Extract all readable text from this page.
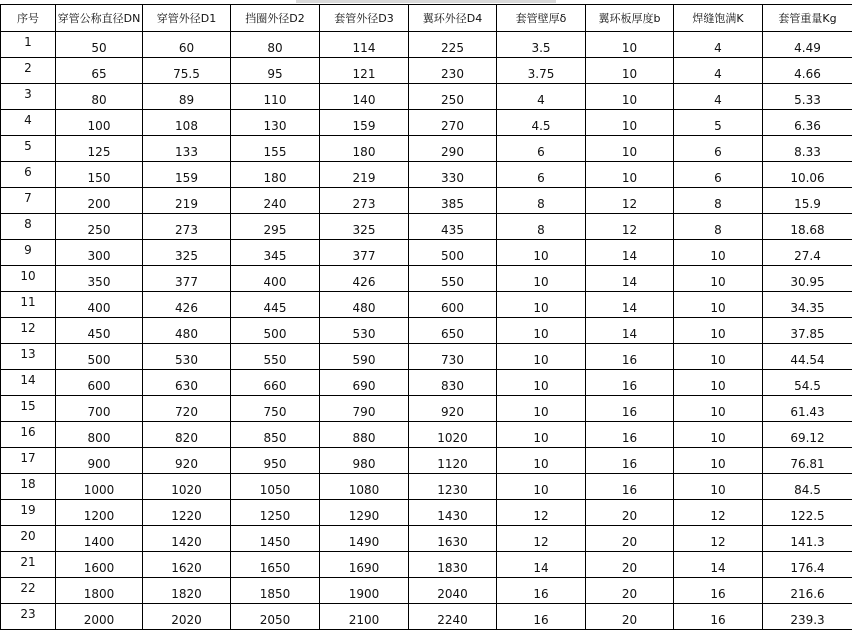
序号	穿管公称直径DN	穿管外径D1	挡圈外径D2	套管外径D3	翼环外径D4	套管壁厚δ	翼环板厚度b	焊缝饱满K	套管重量Kg
1	50	60	80	114	225	3.5	10	4	4.49
2	65	75.5	95	121	230	3.75	10	4	4.66
3	80	89	110	140	250	4	10	4	5.33
4	100	108	130	159	270	4.5	10	5	6.36
5	125	133	155	180	290	6	10	6	8.33
6	150	159	180	219	330	6	10	6	10.06
7	200	219	240	273	385	8	12	8	15.9
8	250	273	295	325	435	8	12	8	18.68
9	300	325	345	377	500	10	14	10	27.4
10	350	377	400	426	550	10	14	10	30.95
11	400	426	445	480	600	10	14	10	34.35
12	450	480	500	530	650	10	14	10	37.85
13	500	530	550	590	730	10	16	10	44.54
14	600	630	660	690	830	10	16	10	54.5
15	700	720	750	790	920	10	16	10	61.43
16	800	820	850	880	1020	10	16	10	69.12
17	900	920	950	980	1120	10	16	10	76.81
18	1000	1020	1050	1080	1230	10	16	10	84.5
19	1200	1220	1250	1290	1430	12	20	12	122.5
20	1400	1420	1450	1490	1630	12	20	12	141.3
21	1600	1620	1650	1690	1830	14	20	14	176.4
22	1800	1820	1850	1900	2040	16	20	16	216.6
23	2000	2020	2050	2100	2240	16	20	16	239.3
